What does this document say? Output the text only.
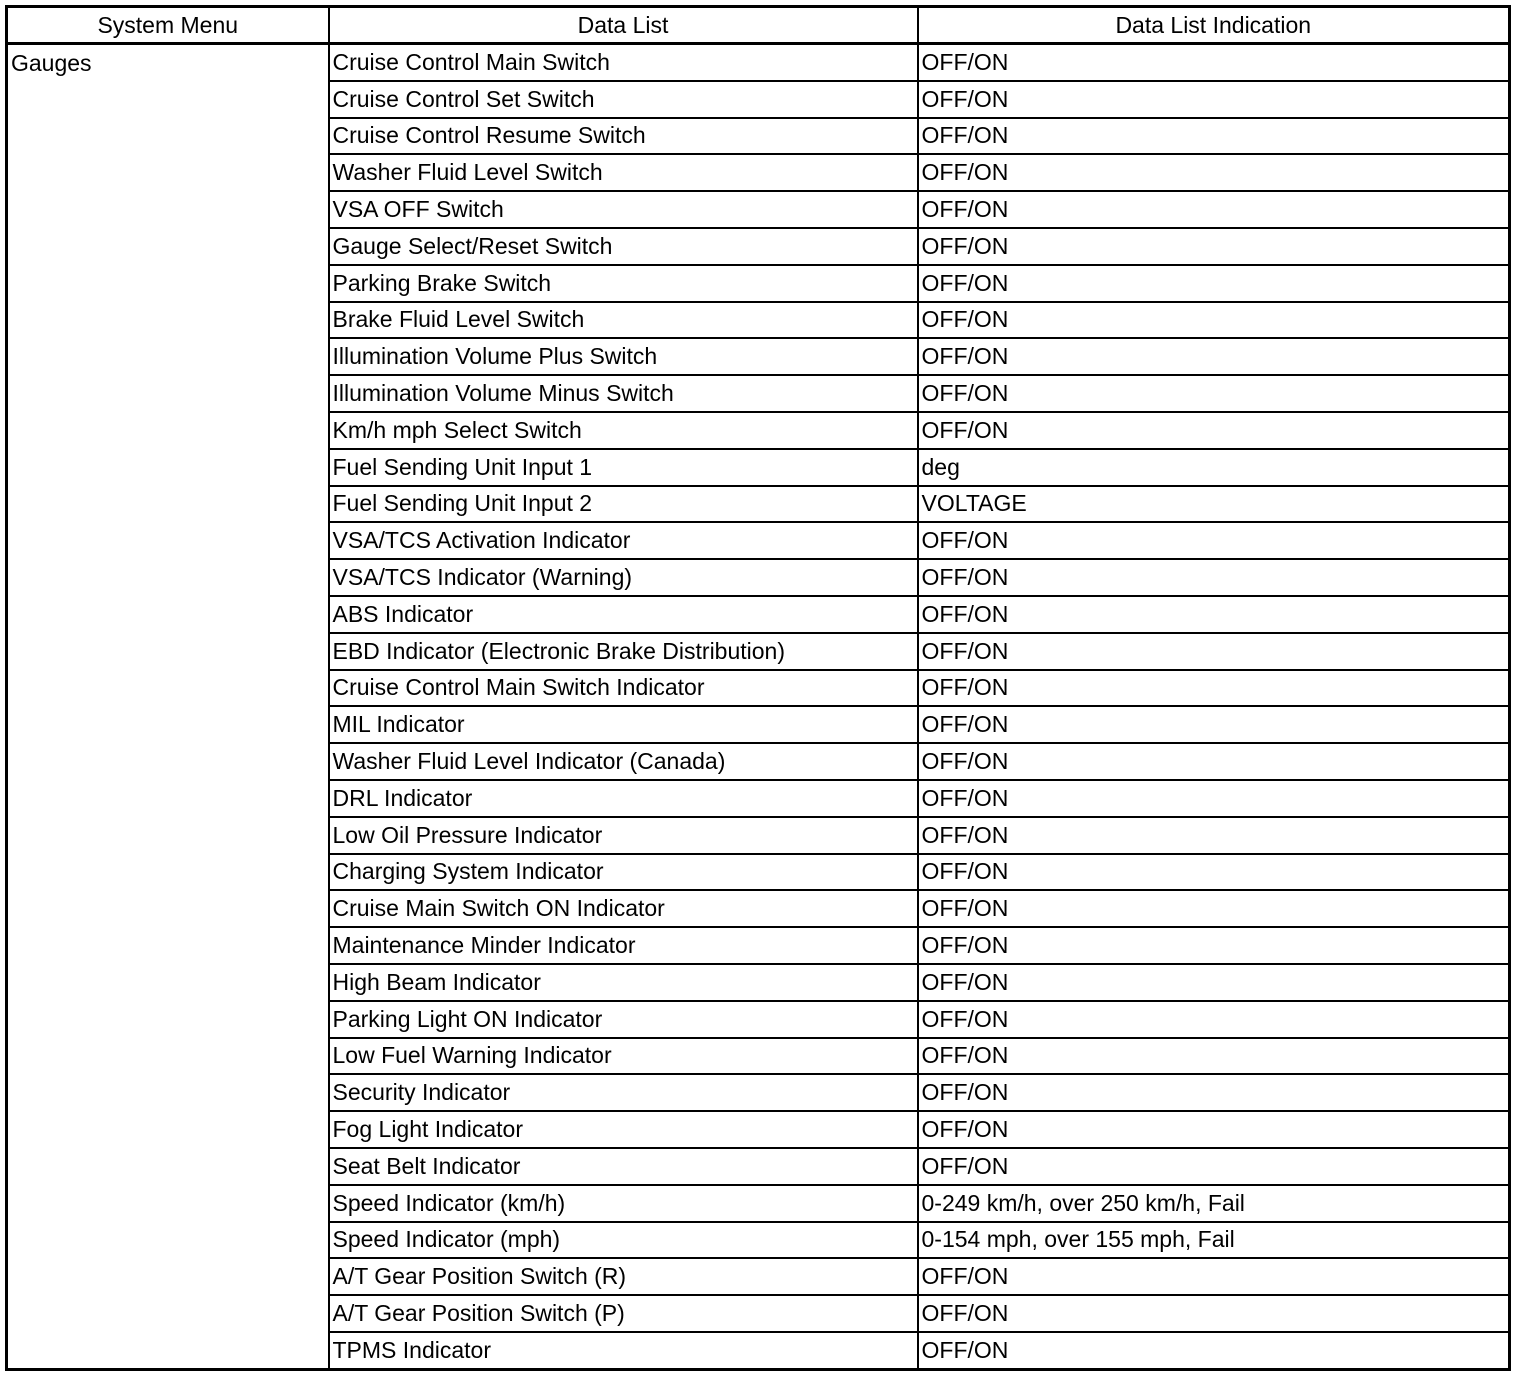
System Menu	Data List	Data List Indication
Gauges	Cruise Control Main Switch	OFF/ON
	Cruise Control Set Switch	OFF/ON
	Cruise Control Resume Switch	OFF/ON
	Washer Fluid Level Switch	OFF/ON
	VSA OFF Switch	OFF/ON
	Gauge Select/Reset Switch	OFF/ON
	Parking Brake Switch	OFF/ON
	Brake Fluid Level Switch	OFF/ON
	Illumination Volume Plus Switch	OFF/ON
	Illumination Volume Minus Switch	OFF/ON
	Km/h mph Select Switch	OFF/ON
	Fuel Sending Unit Input 1	deg
	Fuel Sending Unit Input 2	VOLTAGE
	VSA/TCS Activation Indicator	OFF/ON
	VSA/TCS Indicator (Warning)	OFF/ON
	ABS Indicator	OFF/ON
	EBD Indicator (Electronic Brake Distribution)	OFF/ON
	Cruise Control Main Switch Indicator	OFF/ON
	MIL Indicator	OFF/ON
	Washer Fluid Level Indicator (Canada)	OFF/ON
	DRL Indicator	OFF/ON
	Low Oil Pressure Indicator	OFF/ON
	Charging System Indicator	OFF/ON
	Cruise Main Switch ON Indicator	OFF/ON
	Maintenance Minder Indicator	OFF/ON
	High Beam Indicator	OFF/ON
	Parking Light ON Indicator	OFF/ON
	Low Fuel Warning Indicator	OFF/ON
	Security Indicator	OFF/ON
	Fog Light Indicator	OFF/ON
	Seat Belt Indicator	OFF/ON
	Speed Indicator (km/h)	0-249 km/h, over 250 km/h, Fail
	Speed Indicator (mph)	0-154 mph, over 155 mph, Fail
	A/T Gear Position Switch (R)	OFF/ON
	A/T Gear Position Switch (P)	OFF/ON
	TPMS Indicator	OFF/ON
